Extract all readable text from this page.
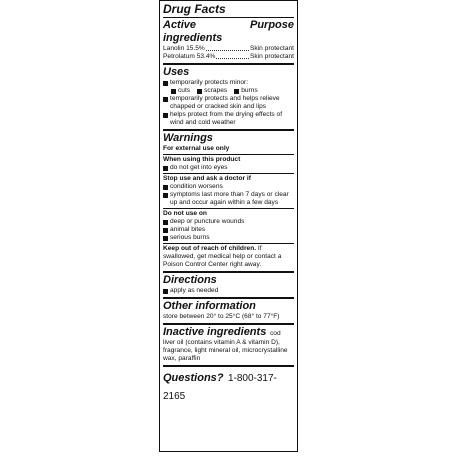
Drug Facts
Active ingredients
Purpose
Lanolin 15.5%	Skin protectant
Petrolatum 53.4%	Skin protectant
Uses
temporarily protects minor:
cuts scrapes burns
temporarily protects and helps relieve chapped or cracked skin and lips
helps protect from the drying effects of wind and cold weather
Warnings
For external use only
When using this product
do not get into eyes
Stop use and ask a doctor if
condition worsens
symptoms last more than 7 days or clear up and occur again within a few days
Do not use on
deep or puncture wounds
animal bites
serious burns
Keep out of reach of children. If swallowed, get medical help or contact a Poison Control Center right away.
Directions
apply as needed
Other information
store between 20° to 25°C (68° to 77°F)
Inactive ingredients cod liver oil (contains vitamin A & vitamin D), fragrance, light mineral oil, microcrystalline wax, paraffin
Questions? 1-800-317-2165
